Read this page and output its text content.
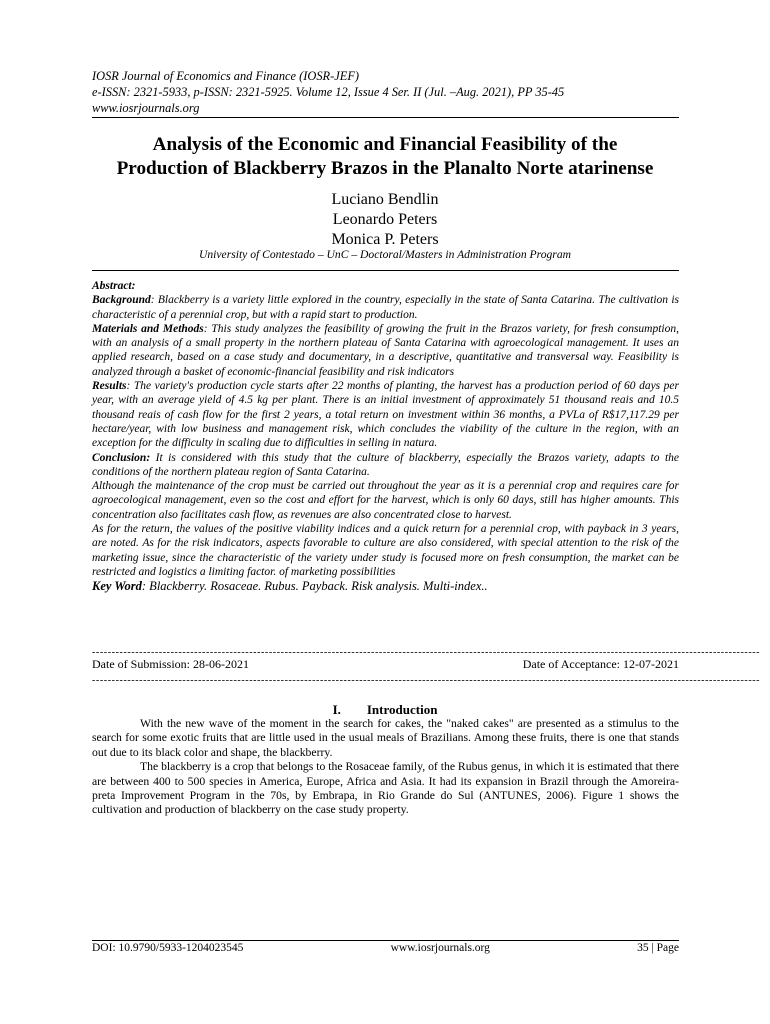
IOSR Journal of Economics and Finance (IOSR-JEF)
e-ISSN: 2321-5933, p-ISSN: 2321-5925. Volume 12, Issue 4 Ser. II (Jul. –Aug. 2021), PP 35-45
www.iosrjournals.org
Analysis of the Economic and Financial Feasibility of the
Production of Blackberry Brazos in the Planalto Norte atarinense
Luciano Bendlin
Leonardo Peters
Monica P. Peters
University of Contestado – UnC – Doctoral/Masters in Administration Program

Abstract:

Background: Blackberry is a variety little explored in the country, especially in the state of Santa Catarina. The cultivation is characteristic of a perennial crop, but with a rapid start to production.

Materials and Methods: This study analyzes the feasibility of growing the fruit in the Brazos variety, for fresh consumption, with an analysis of a small property in the northern plateau of Santa Catarina with agroecological management. It uses an applied research, based on a case study and documentary, in a descriptive, quantitative and transversal way. Feasibility is analyzed through a basket of economic-financial feasibility and risk indicators

Results: The variety's production cycle starts after 22 months of planting, the harvest has a production period of 60 days per year, with an average yield of 4.5 kg per plant. There is an initial investment of approximately 51 thousand reais and 10.5 thousand reais of cash flow for the first 2 years, a total return on investment within 36 months, a PVLa of R$17,117.29 per hectare/year, with low business and management risk, which concludes the viability of the culture in the region, with an exception for the difficulty in scaling due to difficulties in selling in natura.

Conclusion: It is considered with this study that the culture of blackberry, especially the Brazos variety, adapts to the conditions of the northern plateau region of Santa Catarina.

Although the maintenance of the crop must be carried out throughout the year as it is a perennial crop and requires care for agroecological management, even so the cost and effort for the harvest, which is only 60 days, still has higher amounts. This concentration also facilitates cash flow, as revenues are also concentrated close to harvest.

As for the return, the values of the positive viability indices and a quick return for a perennial crop, with payback in 3 years, are noted. As for the risk indicators, aspects favorable to culture are also considered, with special attention to the risk of the marketing issue, since the characteristic of the variety under study is focused more on fresh consumption, the market can be restricted and logistics a limiting factor. of marketing possibilities

Key Word: Blackberry. Rosaceae. Rubus. Payback. Risk analysis. Multi-index..

--------------------------------------------------------------------------------------------------------------------------------------------------------------------------
Date of Submission: 28-06-2021	Date of Acceptance: 12-07-2021
--------------------------------------------------------------------------------------------------------------------------------------------------------------------------
I. Introduction

With the new wave of the moment in the search for cakes, the "naked cakes" are presented as a stimulus to the search for some exotic fruits that are little used in the usual meals of Brazilians. Among these fruits, there is one that stands out due to its black color and shape, the blackberry.

The blackberry is a crop that belongs to the Rosaceae family, of the Rubus genus, in which it is estimated that there are between 400 to 500 species in America, Europe, Africa and Asia. It had its expansion in Brazil through the Amoreira-preta Improvement Program in the 70s, by Embrapa, in Rio Grande do Sul (ANTUNES, 2006). Figure 1 shows the cultivation and production of blackberry on the case study property.

DOI: 10.9790/5933-1204023545	www.iosrjournals.org	35 | Page
